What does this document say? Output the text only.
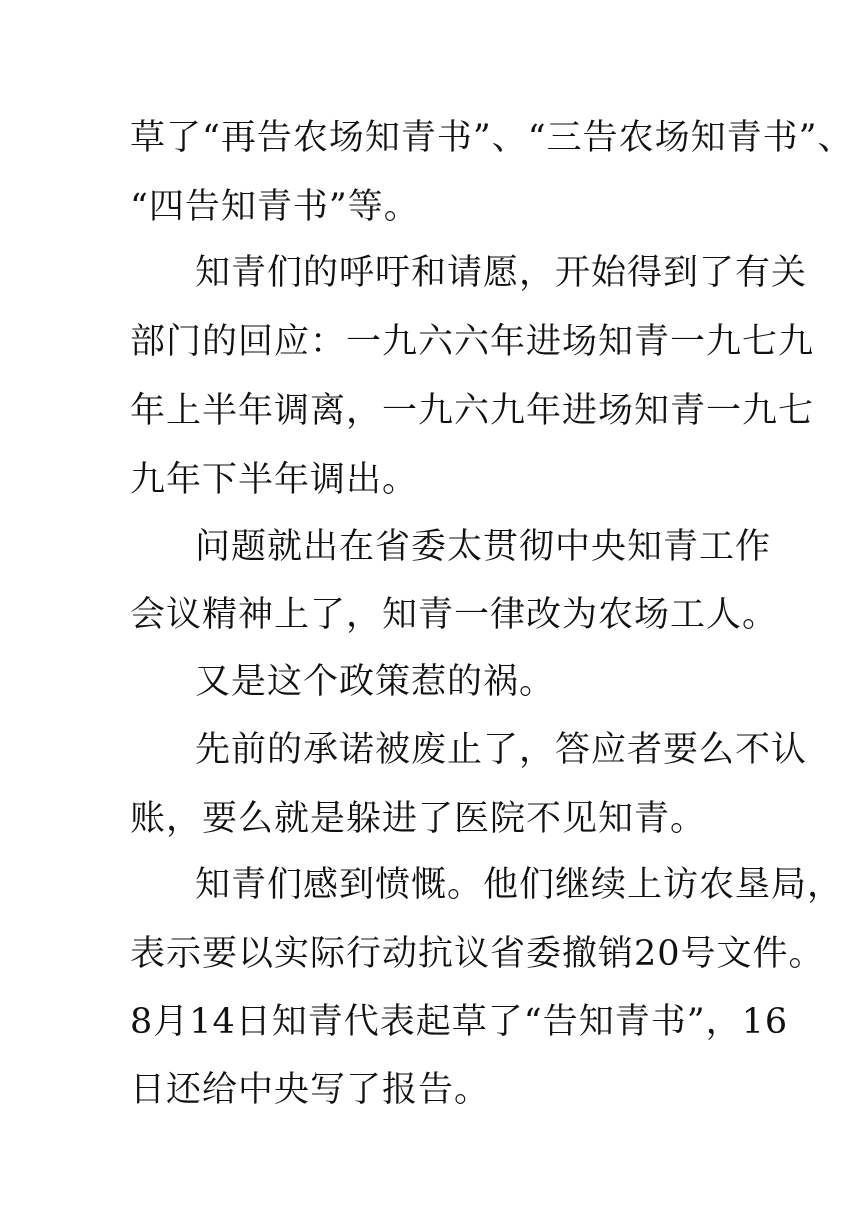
草了“再告农场知青书”、“三告农场知青书”、
“四告知青书”等。
知青们的呼吁和请愿，开始得到了有关
部门的回应：一九六六年进场知青一九七九
年上半年调离，一九六九年进场知青一九七
九年下半年调出。
问题就出在省委太贯彻中央知青工作
会议精神上了，知青一律改为农场工人。
又是这个政策惹的祸。
先前的承诺被废止了，答应者要么不认
账，要么就是躲进了医院不见知青。
知青们感到愤慨。他们继续上访农垦局，
表示要以实际行动抗议省委撤销20号文件。
8月14日知青代表起草了“告知青书”，16
日还给中央写了报告。
